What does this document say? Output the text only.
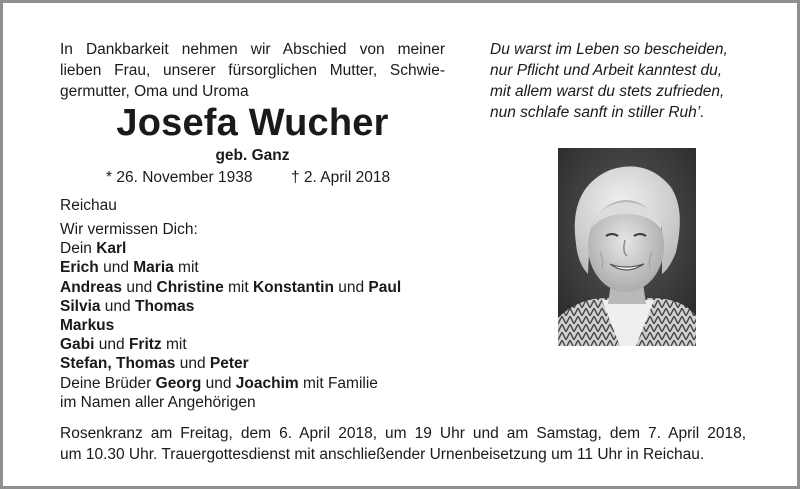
In Dankbarkeit nehmen wir Abschied von meiner
lieben Frau, unserer fürsorglichen Mutter, Schwie-
germutter, Oma und Uroma
Josefa Wucher
geb. Ganz
* 26. November 1938 † 2. April 2018
Reichau
Wir vermissen Dich:
Dein Karl
Erich und Maria mit
Andreas und Christine mit Konstantin und Paul
Silvia und Thomas
Markus
Gabi und Fritz mit
Stefan, Thomas und Peter
Deine Brüder Georg und Joachim mit Familie
im Namen aller Angehörigen
Du warst im Leben so bescheiden,
nur Pflicht und Arbeit kanntest du,
mit allem warst du stets zufrieden,
nun schlafe sanft in stiller Ruh’.
Rosenkranz am Freitag, dem 6. April 2018, um 19 Uhr und am Samstag, dem 7. April 2018,
um 10.30 Uhr. Trauergottesdienst mit anschließender Urnenbeisetzung um 11 Uhr in Reichau.
